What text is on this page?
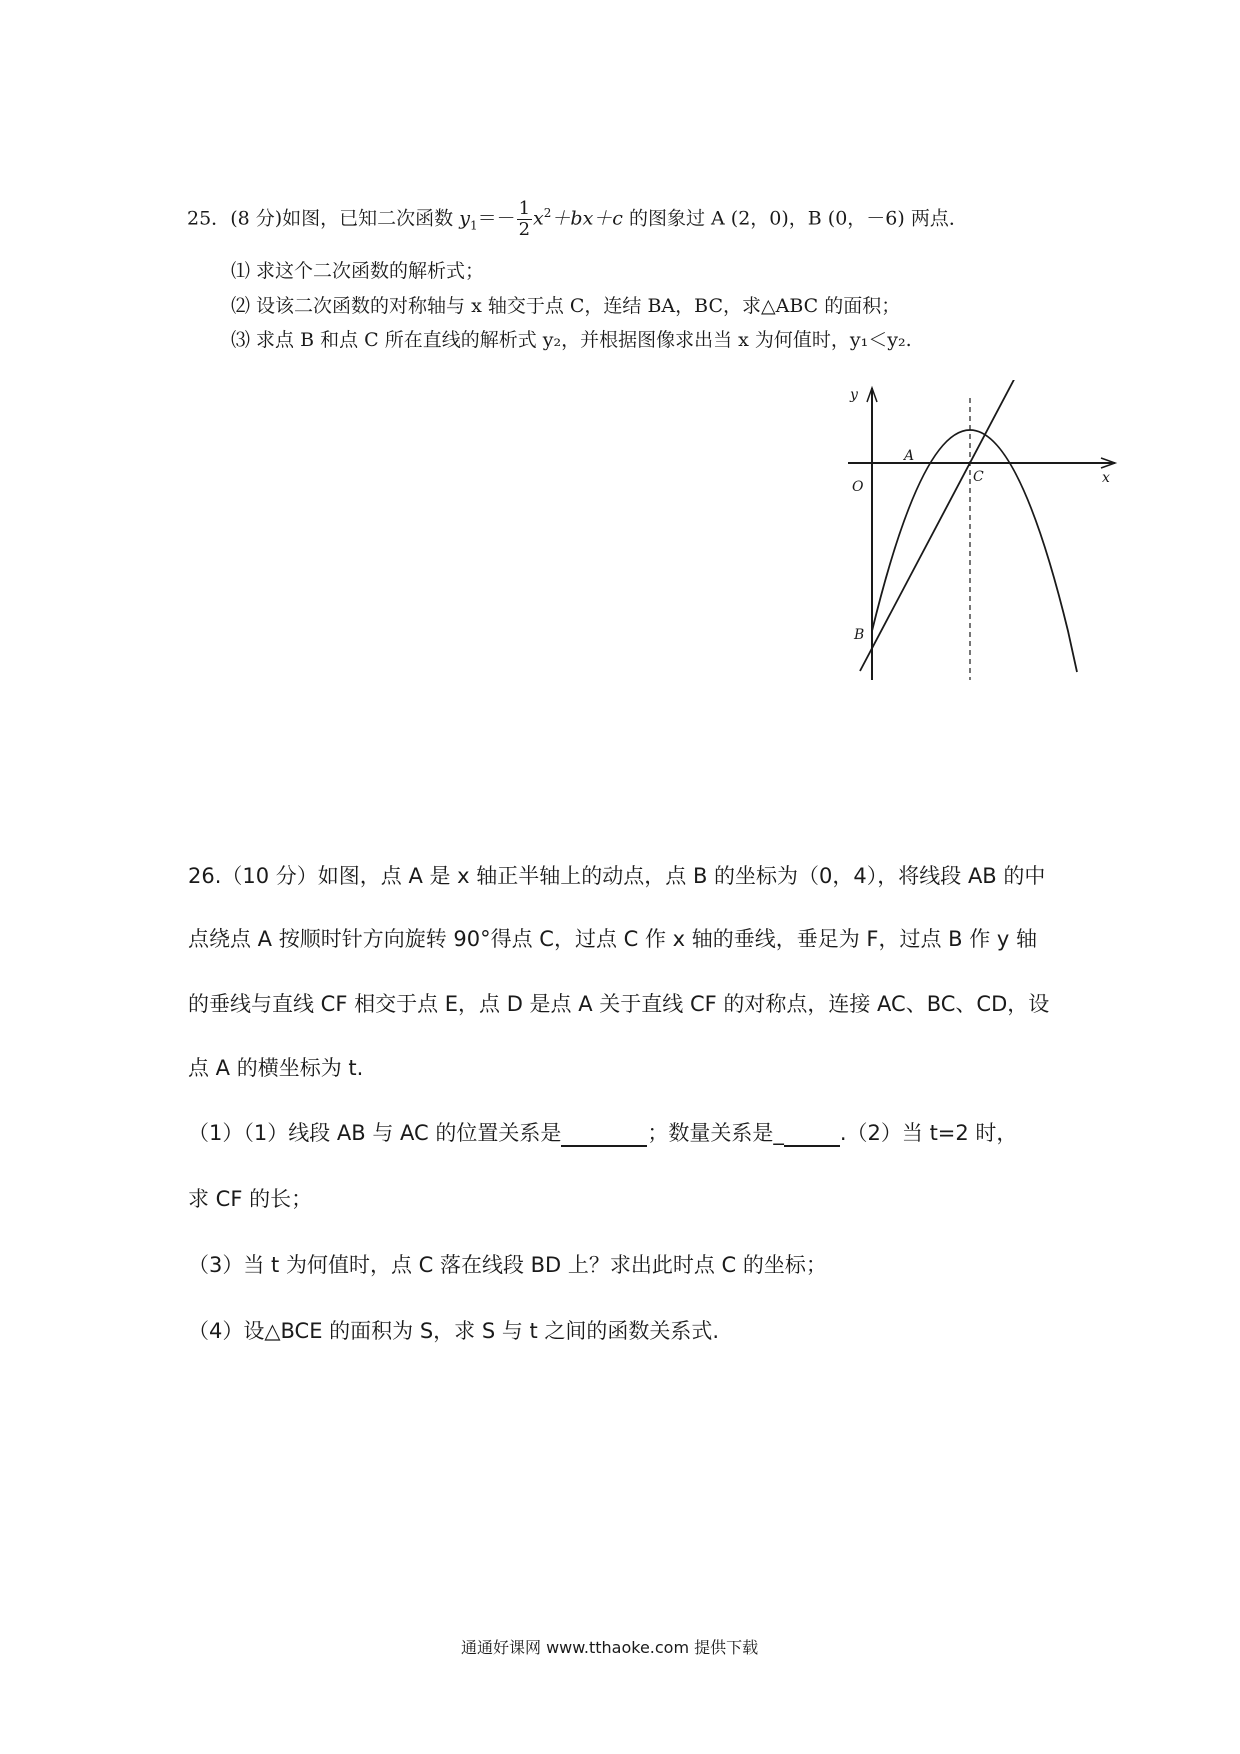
25．(8 分)如图，已知二次函数 $y_1=- \frac{1}{2} x^2+bx+c$ 的图象过 A (2，0)，B (0，－6) 两点．
⑴ 求这个二次函数的解析式；
⑵ 设该二次函数的对称轴与 x 轴交于点 C，连结 BA，BC，求△ABC 的面积；
⑶ 求点 B 和点 C 所在直线的解析式 y₂，并根据图像求出当 x 为何值时，y₁＜y₂.
y
x
O
A
C
B
26.（10 分）如图，点 A 是 x 轴正半轴上的动点，点 B 的坐标为（0，4），将线段 AB 的中
点绕点 A 按顺时针方向旋转 90°得点 C，过点 C 作 x 轴的垂线，垂足为 F，过点 B 作 y 轴
的垂线与直线 CF 相交于点 E，点 D 是点 A 关于直线 CF 的对称点，连接 AC、BC、CD，设
点 A 的横坐标为 t.
（1）（1）线段 AB 与 AC 的位置关系是	；数量关系是_	.（2）当 t=2 时，
求 CF 的长；
（3）当 t 为何值时，点 C 落在线段 BD 上？求出此时点 C 的坐标；
（4）设△BCE 的面积为 S，求 S 与 t 之间的函数关系式.
通通好课网 www.tthaoke.com 提供下载
